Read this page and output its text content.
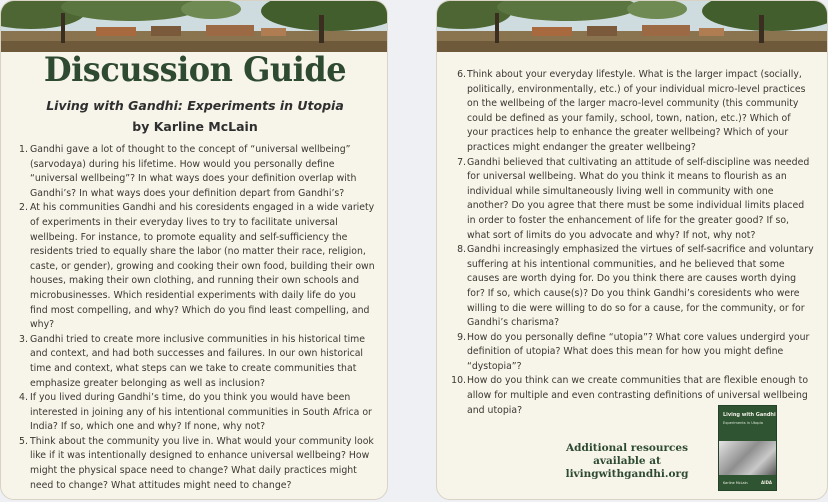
Discussion Guide
Living with Gandhi: Experiments in Utopia
by Karline McLain
1. Gandhi gave a lot of thought to the concept of “universal wellbeing” (sarvodaya) during his lifetime. How would you personally define “universal wellbeing”? In what ways does your definition overlap with Gandhi’s? In what ways does your definition depart from Gandhi’s?
2. At his communities Gandhi and his coresidents engaged in a wide variety of experiments in their everyday lives to try to facilitate universal wellbeing. For instance, to promote equality and self-sufficiency the residents tried to equally share the labor (no matter their race, religion, caste, or gender), growing and cooking their own food, building their own houses, making their own clothing, and running their own schools and microbusinesses. Which residential experiments with daily life do you find most compelling, and why? Which do you find least compelling, and why?
3. Gandhi tried to create more inclusive communities in his historical time and context, and had both successes and failures. In our own historical time and context, what steps can we take to create communities that emphasize greater belonging as well as inclusion?
4. If you lived during Gandhi’s time, do you think you would have been interested in joining any of his intentional communities in South Africa or India? If so, which one and why? If none, why not?
5. Think about the community you live in. What would your community look like if it was intentionally designed to enhance universal wellbeing? How might the physical space need to change? What daily practices might need to change? What attitudes might need to change?
6. Think about your everyday lifestyle. What is the larger impact (socially, politically, environmentally, etc.) of your individual micro-level practices on the wellbeing of the larger macro-level community (this community could be defined as your family, school, town, nation, etc.)? Which of your practices help to enhance the greater wellbeing? Which of your practices might endanger the greater wellbeing?
7. Gandhi believed that cultivating an attitude of self-discipline was needed for universal wellbeing. What do you think it means to flourish as an individual while simultaneously living well in community with one another? Do you agree that there must be some individual limits placed in order to foster the enhancement of life for the greater good? If so, what sort of limits do you advocate and why? If not, why not?
8. Gandhi increasingly emphasized the virtues of self-sacrifice and voluntary suffering at his intentional communities, and he believed that some causes are worth dying for. Do you think there are causes worth dying for? If so, which cause(s)? Do you think Gandhi’s coresidents who were willing to die were willing to do so for a cause, for the community, or for Gandhi’s charisma?
9. How do you personally define “utopia”? What core values undergird your definition of utopia? What does this mean for how you might define “dystopia”?
10. How do you think can we create communities that are flexible enough to allow for multiple and even contrasting definitions of universal wellbeing and utopia?
Additional resources available at
livingwithgandhi.org
Living with Gandhi
Experiments in Utopia
Karline McLain	AIDA
